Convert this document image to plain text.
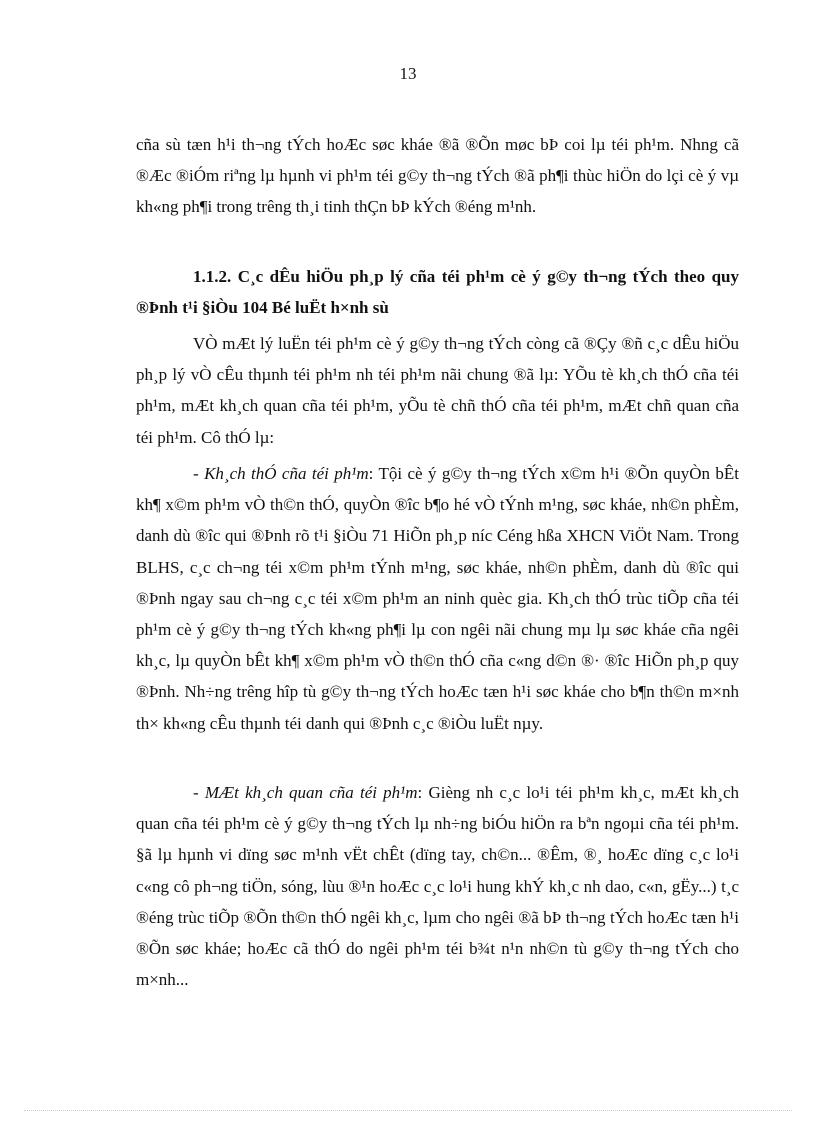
13

cña sù tæn h¹i th¬ng tÝch hoÆc søc kháe ®ã ®Õn møc bÞ coi lµ téi ph¹m. Nhng cã ®Æc ®iÓm riªng lµ hµnh vi ph¹m téi g©y th¬ng tÝch ®ã ph¶i thùc hiÖn do lçi cè ý vµ kh«ng ph¶i trong trêng th¸i tinh thÇn bÞ kÝch ®éng m¹nh.

1.1.2. C¸c dÊu hiÖu ph¸p lý cña téi ph¹m cè ý g©y th¬ng tÝch theo quy ®Þnh t¹i §iÒu 104 Bé luËt h×nh sù

VÒ mÆt lý luËn téi ph¹m cè ý g©y th¬ng tÝch còng cã ®Çy ®ñ c¸c dÊu hiÖu ph¸p lý vÒ cÊu thµnh téi ph¹m nh téi ph¹m nãi chung ®ã lµ: YÕu tè kh¸ch thÓ cña téi ph¹m, mÆt kh¸ch quan cña téi ph¹m, yÕu tè chñ thÓ cña téi ph¹m, mÆt chñ quan cña téi ph¹m. Cô thÓ lµ:

- Kh¸ch thÓ cña téi ph¹m: Tội cè ý g©y th¬ng tÝch x©m h¹i ®Õn quyÒn bÊt kh¶ x©m ph¹m vÒ th©n thÓ, quyÒn ®îc b¶o hé vÒ tÝnh m¹ng, søc kháe, nh©n phÈm, danh dù ®îc qui ®Þnh rõ t¹i §iÒu 71 HiÕn ph¸p níc Céng hßa XHCN ViÖt Nam. Trong BLHS, c¸c ch¬ng téi x©m ph¹m tÝnh m¹ng, søc kháe, nh©n phÈm, danh dù ®îc qui ®Þnh ngay sau ch¬ng c¸c téi x©m ph¹m an ninh quèc gia. Kh¸ch thÓ trùc tiÕp cña téi ph¹m cè ý g©y th¬ng tÝch kh«ng ph¶i lµ con ngêi nãi chung mµ lµ søc kháe cña ngêi kh¸c, lµ quyÒn bÊt kh¶ x©m ph¹m vÒ th©n thÓ cña c«ng d©n ®· ®îc HiÕn ph¸p quy ®Þnh. Nh÷ng trêng hîp tù g©y th¬ng tÝch hoÆc tæn h¹i søc kháe cho b¶n th©n m×nh th× kh«ng cÊu thµnh téi danh qui ®Þnh c¸c ®iÒu luËt nµy.

- MÆt kh¸ch quan cña téi ph¹m: Gièng nh c¸c lo¹i téi ph¹m kh¸c, mÆt kh¸ch quan cña téi ph¹m cè ý g©y th¬ng tÝch lµ nh÷ng biÓu hiÖn ra bªn ngoµi cña téi ph¹m. §ã lµ hµnh vi dïng søc m¹nh vËt chÊt (dïng tay, ch©n... ®Êm, ®¸ hoÆc dïng c¸c lo¹i c«ng cô ph¬ng tiÖn, sóng, lùu ®¹n hoÆc c¸c lo¹i hung khÝ kh¸c nh dao, c«n, gËy...) t¸c ®éng trùc tiÕp ®Õn th©n thÓ ngêi kh¸c, lµm cho ngêi ®ã bÞ th¬ng tÝch hoÆc tæn h¹i ®Õn søc kháe; hoÆc cã thÓ do ngêi ph¹m téi b¾t n¹n nh©n tù g©y th¬ng tÝch cho m×nh...
